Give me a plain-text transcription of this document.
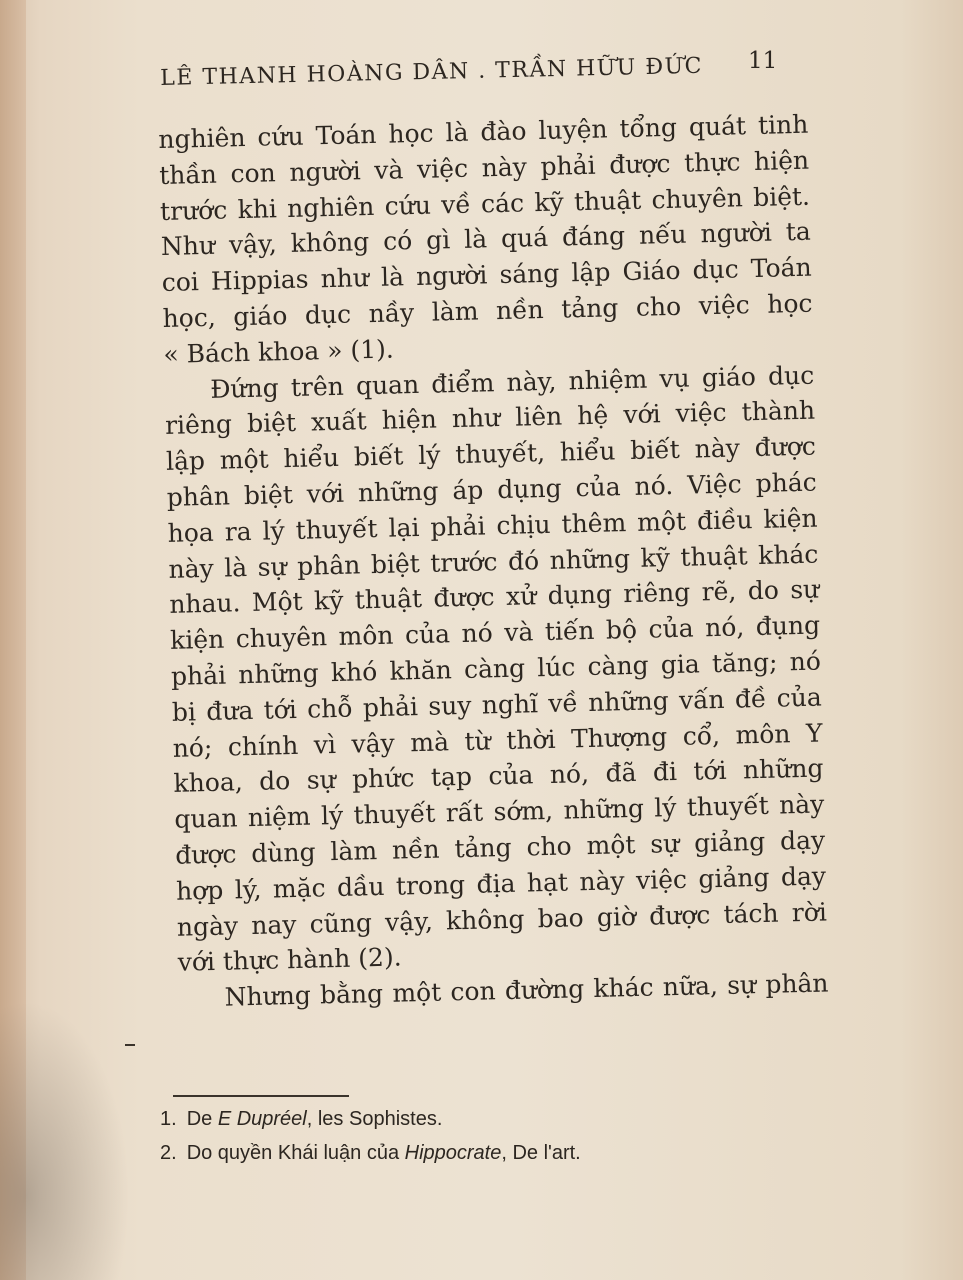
LÊ THANH HOÀNG DÂN . TRẦN HỮU ĐỨC 11
nghiên cứu Toán học là đào luyện tổng quát tinh
thần con người và việc này phải được thực hiện
trước khi nghiên cứu về các kỹ thuật chuyên biệt.
Như vậy, không có gì là quá đáng nếu người ta
coi Hippias như là người sáng lập Giáo dục Toán
học, giáo dục nầy làm nền tảng cho việc học
« Bách khoa » (1).
Đứng trên quan điểm này, nhiệm vụ giáo dục
riêng biệt xuất hiện như liên hệ với việc thành
lập một hiểu biết lý thuyết, hiểu biết này được
phân biệt với những áp dụng của nó. Việc phác
họa ra lý thuyết lại phải chịu thêm một điều kiện
này là sự phân biệt trước đó những kỹ thuật khác
nhau. Một kỹ thuật được xử dụng riêng rẽ, do sự
kiện chuyên môn của nó và tiến bộ của nó, đụng
phải những khó khăn càng lúc càng gia tăng; nó
bị đưa tới chỗ phải suy nghĩ về những vấn đề của
nó; chính vì vậy mà từ thời Thượng cổ, môn Y
khoa, do sự phức tạp của nó, đã đi tới những
quan niệm lý thuyết rất sớm, những lý thuyết này
được dùng làm nền tảng cho một sự giảng dạy
hợp lý, mặc dầu trong địa hạt này việc giảng dạy
ngày nay cũng vậy, không bao giờ được tách rời
với thực hành (2).
Nhưng bằng một con đường khác nữa, sự phân
1. De E Dupréel, les Sophistes.
2. Do quyền Khái luận của Hippocrate, De l'art.
